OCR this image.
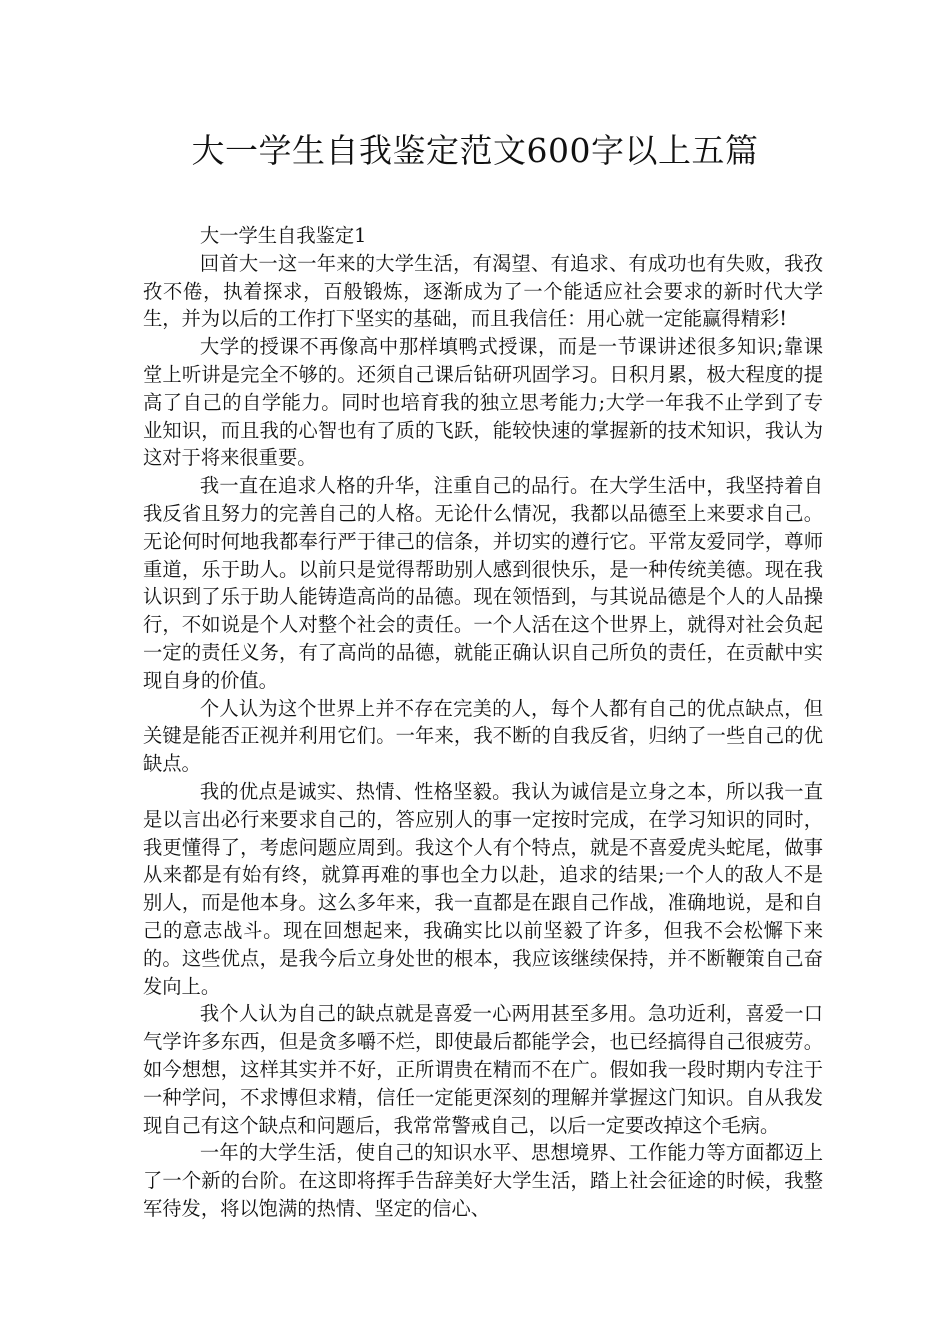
大一学生自我鉴定范文600字以上五篇

大一学生自我鉴定1

回首大一这一年来的大学生活，有渴望、有追求、有成功也有失败，我孜孜不倦，执着探求，百般锻炼，逐渐成为了一个能适应社会要求的新时代大学生，并为以后的工作打下坚实的基础，而且我信任：用心就一定能赢得精彩!

大学的授课不再像高中那样填鸭式授课，而是一节课讲述很多知识;靠课堂上听讲是完全不够的。还须自己课后钻研巩固学习。日积月累，极大程度的提高了自己的自学能力。同时也培育我的独立思考能力;大学一年我不止学到了专业知识，而且我的心智也有了质的飞跃，能较快速的掌握新的技术知识，我认为这对于将来很重要。

我一直在追求人格的升华，注重自己的品行。在大学生活中，我坚持着自我反省且努力的完善自己的人格。无论什么情况，我都以品德至上来要求自己。无论何时何地我都奉行严于律己的信条，并切实的遵行它。平常友爱同学，尊师重道，乐于助人。以前只是觉得帮助别人感到很快乐，是一种传统美德。现在我认识到了乐于助人能铸造高尚的品德。现在领悟到，与其说品德是个人的人品操行，不如说是个人对整个社会的责任。一个人活在这个世界上，就得对社会负起一定的责任义务，有了高尚的品德，就能正确认识自己所负的责任，在贡献中实现自身的价值。

个人认为这个世界上并不存在完美的人，每个人都有自己的优点缺点，但关键是能否正视并利用它们。一年来，我不断的自我反省，归纳了一些自己的优缺点。

我的优点是诚实、热情、性格坚毅。我认为诚信是立身之本，所以我一直是以言出必行来要求自己的，答应别人的事一定按时完成，在学习知识的同时，我更懂得了，考虑问题应周到。我这个人有个特点，就是不喜爱虎头蛇尾，做事从来都是有始有终，就算再难的事也全力以赴，追求的结果;一个人的敌人不是别人，而是他本身。这么多年来，我一直都是在跟自己作战，准确地说，是和自己的意志战斗。现在回想起来，我确实比以前坚毅了许多，但我不会松懈下来的。这些优点，是我今后立身处世的根本，我应该继续保持，并不断鞭策自己奋发向上。

我个人认为自己的缺点就是喜爱一心两用甚至多用。急功近利，喜爱一口气学许多东西，但是贪多嚼不烂，即使最后都能学会，也已经搞得自己很疲劳。如今想想，这样其实并不好，正所谓贵在精而不在广。假如我一段时期内专注于一种学问，不求博但求精，信任一定能更深刻的理解并掌握这门知识。自从我发现自己有这个缺点和问题后，我常常警戒自己，以后一定要改掉这个毛病。

一年的大学生活，使自己的知识水平、思想境界、工作能力等方面都迈上了一个新的台阶。在这即将挥手告辞美好大学生活，踏上社会征途的时候，我整军待发，将以饱满的热情、坚定的信心、
